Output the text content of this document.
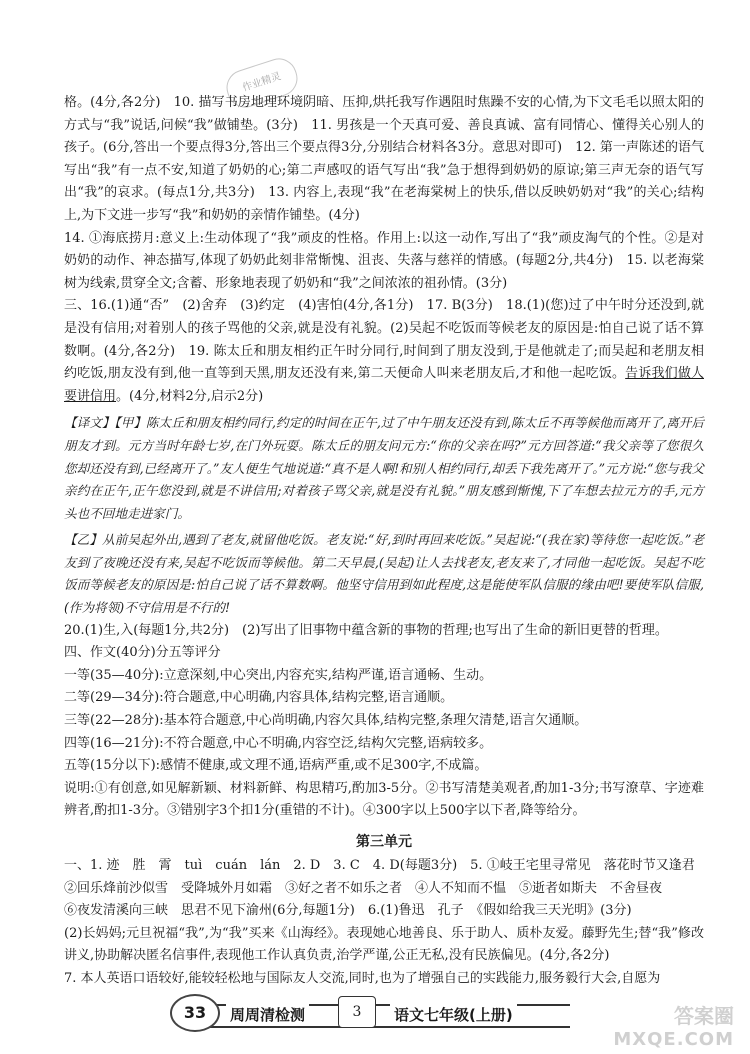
作业精灵

格。(4分,各2分)　10. 描写书房地理环境阴暗、压抑,烘托我写作遇阻时焦躁不安的心情,为下文毛毛以照太阳的方式与“我”说话,问候“我”做铺垫。(3分)　11. 男孩是一个天真可爱、善良真诚、富有同情心、懂得关心别人的孩子。(6分,答出一个要点得3分,答出三个要点得3分,分别结合材料各3分。意思对即可)　12. 第一声陈述的语气写出“我”有一点不安,知道了奶奶的心;第二声感叹的语气写出“我”急于想得到奶奶的原谅;第三声无奈的语气写出“我”的哀求。(每点1分,共3分)　13. 内容上,表现“我”在老海棠树上的快乐,借以反映奶奶对“我”的关心;结构上,为下文进一步写“我”和奶奶的亲情作铺垫。(4分)

14. ①海底捞月:意义上:生动体现了“我”顽皮的性格。作用上:以这一动作,写出了“我”顽皮淘气的个性。②是对奶奶的动作、神态描写,体现了奶奶此刻非常惭愧、沮丧、失落与慈祥的情感。(每题2分,共4分)　15. 以老海棠树为线索,贯穿全文;含蓄、形象地表现了奶奶和“我”之间浓浓的祖孙情。(3分)

三、16.(1)通“否”　(2)舍弃　(3)约定　(4)害怕(4分,各1分)　17. B(3分)　18.(1)(您)过了中午时分还没到,就是没有信用;对着别人的孩子骂他的父亲,就是没有礼貌。(2)吴起不吃饭而等候老友的原因是:怕自己说了话不算数啊。(4分,各2分)　19. 陈太丘和朋友相约正午时分同行,时间到了朋友没到,于是他就走了;而吴起和老朋友相约吃饭,朋友没有到,他一直等到天黑,朋友还没有来,第二天便命人叫来老朋友后,才和他一起吃饭。告诉我们做人要讲信用。(4分,材料2分,启示2分)

【译文】【甲】陈太丘和朋友相约同行,约定的时间在正午,过了中午朋友还没有到,陈太丘不再等候他而离开了,离开后朋友才到。元方当时年龄七岁,在门外玩耍。陈太丘的朋友问元方:“你的父亲在吗?”元方回答道:“我父亲等了您很久您却还没有到,已经离开了。”友人便生气地说道:“真不是人啊!和别人相约同行,却丢下我先离开了。”元方说:“您与我父亲约在正午,正午您没到,就是不讲信用;对着孩子骂父亲,就是没有礼貌。”朋友感到惭愧,下了车想去拉元方的手,元方头也不回地走进家门。

【乙】从前吴起外出,遇到了老友,就留他吃饭。老友说:“好,到时再回来吃饭。”吴起说:“(我在家)等待您一起吃饭。”老友到了夜晚还没有来,吴起不吃饭而等候他。第二天早晨,(吴起)让人去找老友,老友来了,才同他一起吃饭。吴起不吃饭而等候老友的原因是:怕自己说了话不算数啊。他坚守信用到如此程度,这是能使军队信服的缘由吧!要使军队信服,(作为将领)不守信用是不行的!

20.(1)生,入(每题1分,共2分)　(2)写出了旧事物中蕴含新的事物的哲理;也写出了生命的新旧更替的哲理。

四、作文(40分)分五等评分

一等(35—40分):立意深刻,中心突出,内容充实,结构严谨,语言通畅、生动。

二等(29—34分):符合题意,中心明确,内容具体,结构完整,语言通顺。

三等(22—28分):基本符合题意,中心尚明确,内容欠具体,结构完整,条理欠清楚,语言欠通顺。

四等(16—21分):不符合题意,中心不明确,内容空泛,结构欠完整,语病较多。

五等(15分以下):感情不健康,或文理不通,语病严重,或不足300字,不成篇。

说明:①有创意,如见解新颖、材料新鲜、构思精巧,酌加3-5分。②书写清楚美观者,酌加1-3分;书写潦草、字迹难辨者,酌扣1-3分。③错别字3个扣1分(重错的不计)。④300字以上500字以下者,降等给分。

第三单元

一、1. 迹　胜　霄　tuì　cuán　lán　2. D　3. C　4. D(每题3分)　5. ①岐王宅里寻常见　落花时节又逢君

②回乐烽前沙似雪　受降城外月如霜　③好之者不如乐之者　④人不知而不愠　⑤逝者如斯夫　不舍昼夜

⑥夜发清溪向三峡　思君不见下渝州(6分,每题1分)　6.(1)鲁迅　孔子　《假如给我三天光明》(3分)

(2)长妈妈;元旦祝福“我”,为“我”买来《山海经》。表现她心地善良、乐于助人、质朴友爱。藤野先生;替“我”修改讲义,协助解决匿名信事件,表现他工作认真负责,治学严谨,公正无私,没有民族偏见。(4分,各2分)

7. 本人英语口语较好,能较轻松地与国际友人交流,同时,也为了增强自己的实践能力,服务毅行大会,自愿为

33	周周清检测	3	语文七年级(上册)	答案圈
MXQE.COM
